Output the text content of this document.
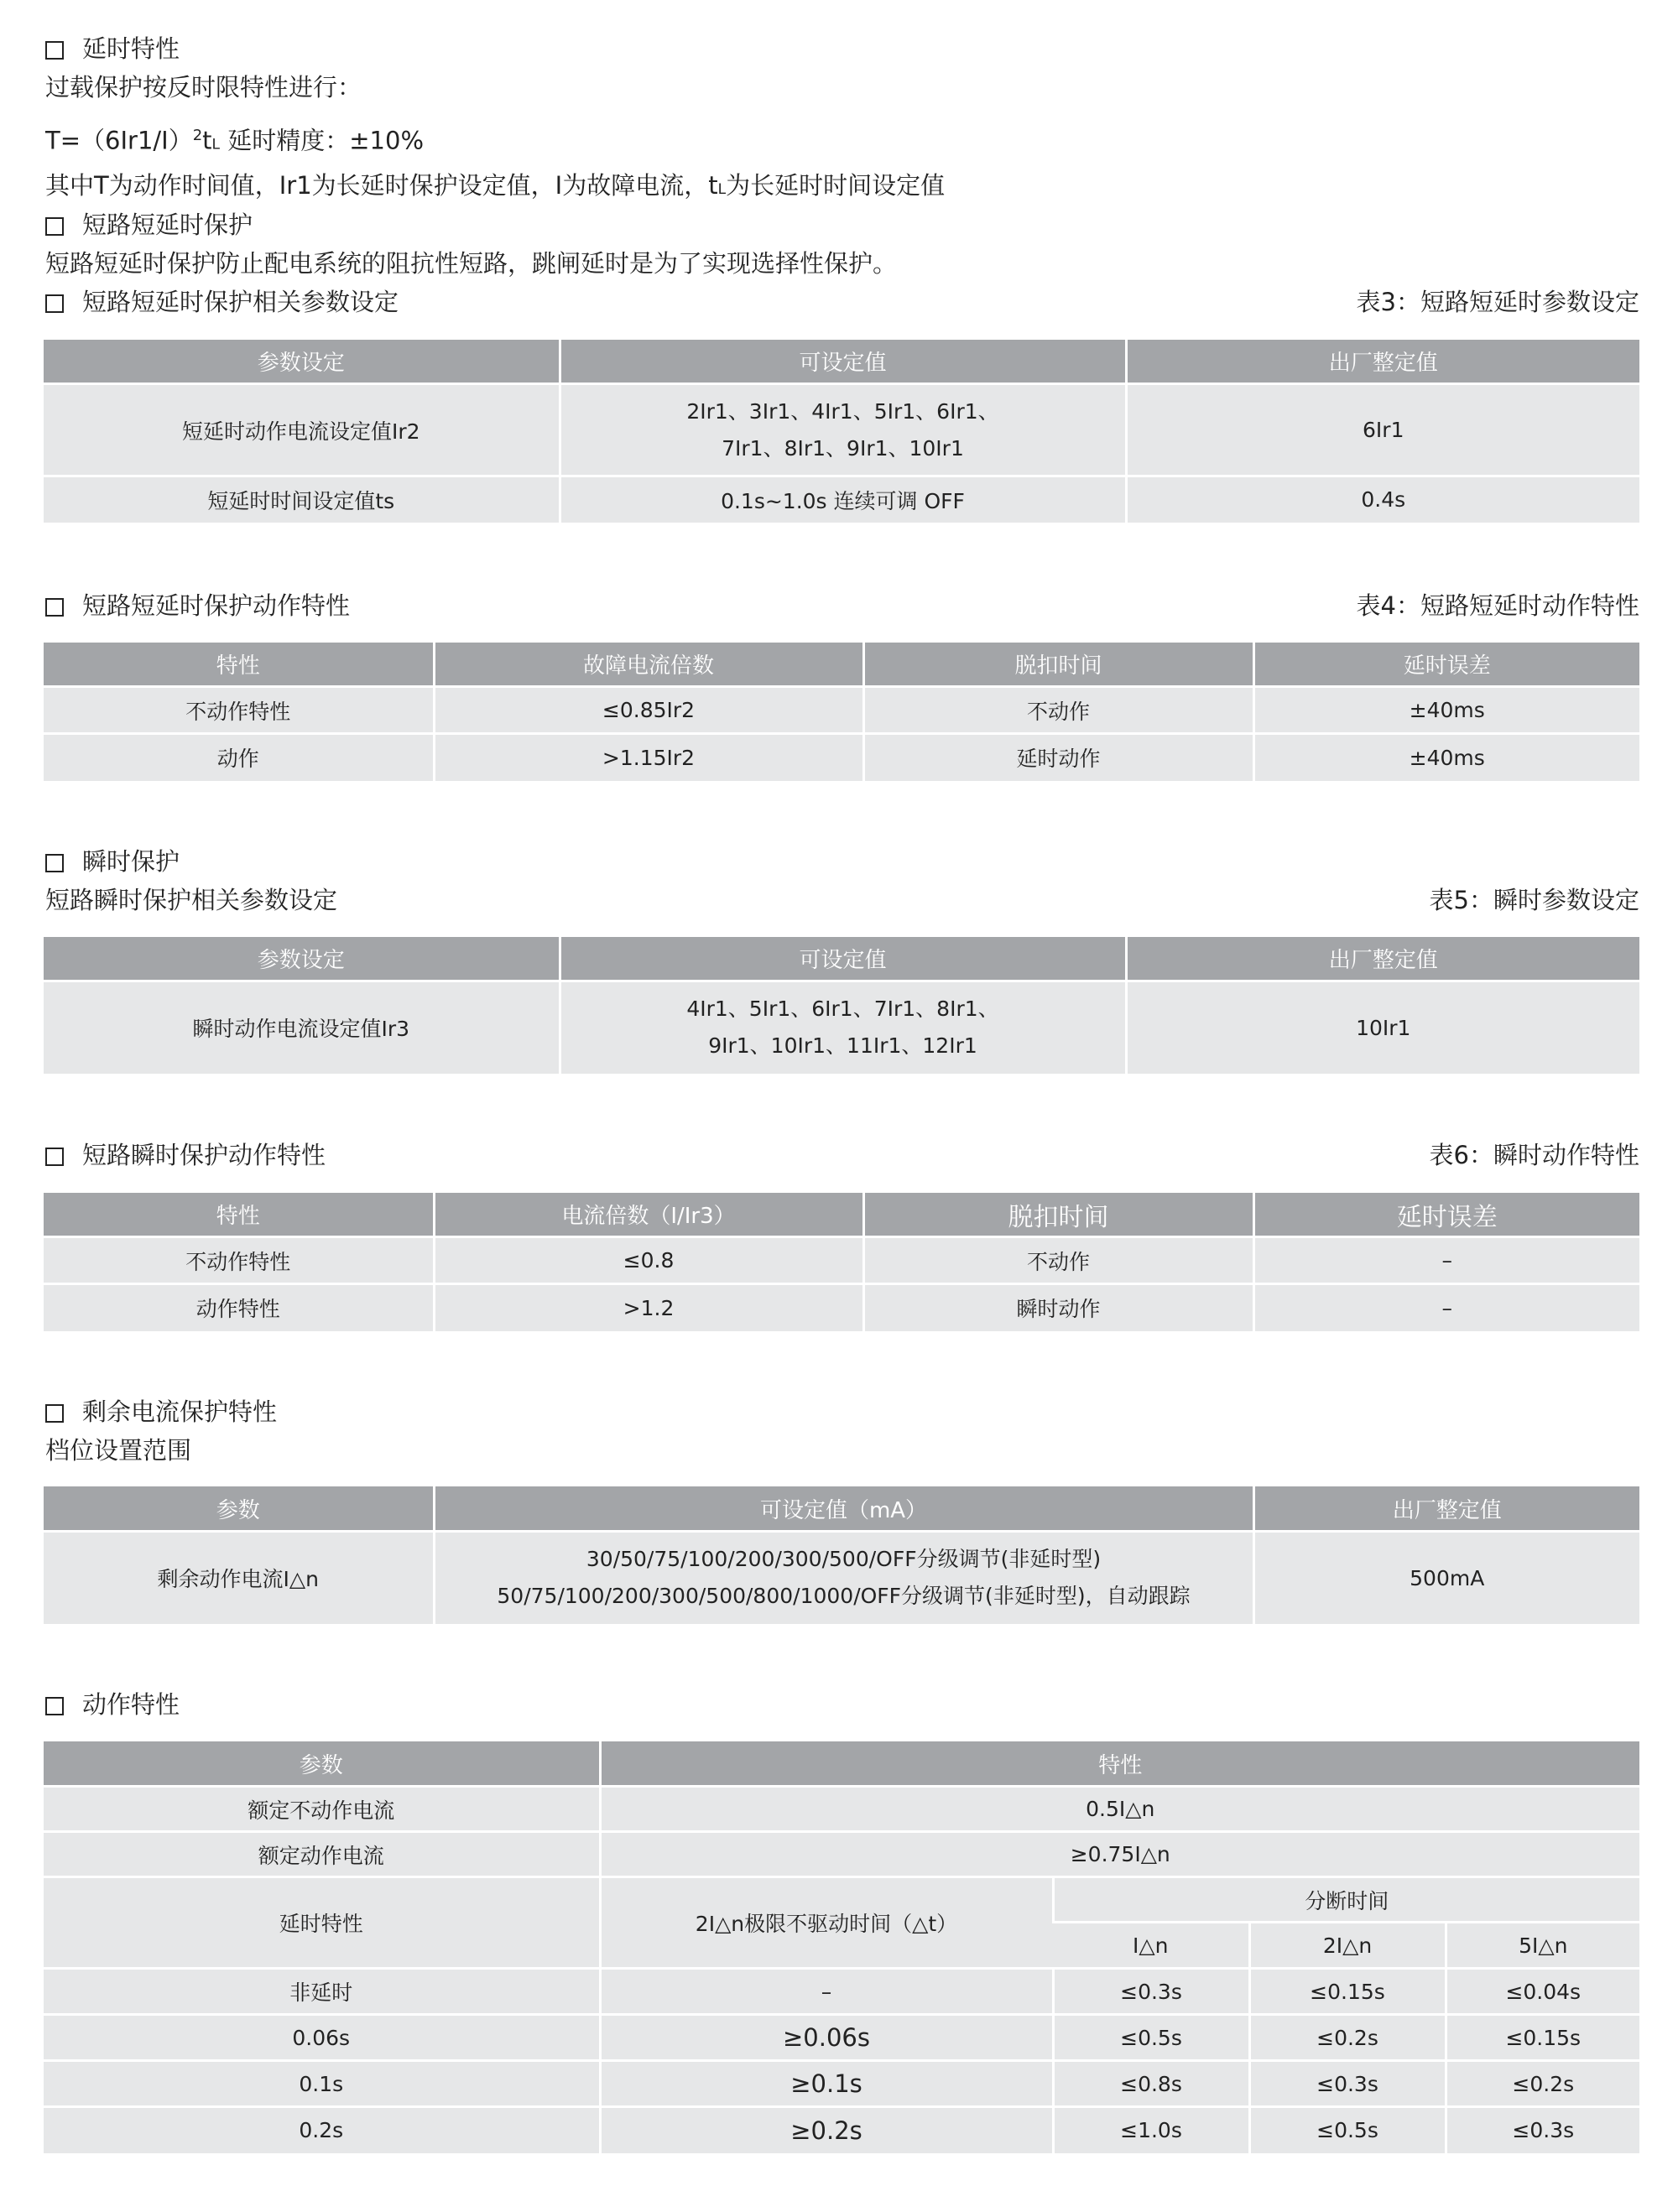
延时特性
过载保护按反时限特性进行：
$T=(6Ir1/I)^2tL$ 延时精度：±10%
其中T为动作时间值，Ir1为长延时保护设定值，I为故障电流，tL为长延时时间设定值
短路短延时保护
短路短延时保护防止配电系统的阻抗性短路，跳闸延时是为了实现选择性保护。
短路短延时保护相关参数设定	表3：短路短延时参数设定
参数设定	可设定值	出厂整定值
短延时动作电流设定值Ir2	2Ir1、3Ir1、4Ir1、5Ir1、6Ir1、
7Ir1、8Ir1、9Ir1、10Ir1	6Ir1
短延时时间设定值ts	0.1s~1.0s 连续可调 OFF	0.4s
短路短延时保护动作特性	表4：短路短延时动作特性
特性	故障电流倍数	脱扣时间	延时误差
不动作特性	≤0.85Ir2	不动作	±40ms
动作	>1.15Ir2	延时动作	±40ms
瞬时保护
短路瞬时保护相关参数设定	表5：瞬时参数设定
参数设定	可设定值	出厂整定值
瞬时动作电流设定值Ir3	4Ir1、5Ir1、6Ir1、7Ir1、8Ir1、
9Ir1、10Ir1、11Ir1、12Ir1	10Ir1
短路瞬时保护动作特性	表6：瞬时动作特性
特性	电流倍数（I/Ir3）	脱扣时间	延时误差
不动作特性	≤0.8	不动作	–
动作特性	>1.2	瞬时动作	–
剩余电流保护特性
档位设置范围
参数	可设定值（mA）	出厂整定值
剩余动作电流I△n	30/50/75/100/200/300/500/OFF分级调节(非延时型)
50/75/100/200/300/500/800/1000/OFF分级调节(非延时型)，自动跟踪	500mA
动作特性
参数	特性			
额定不动作电流	0.5I△n			
额定动作电流	≥0.75I△n			
延时特性	2I△n极限不驱动时间（△t）	分断时间		
		I△n	2I△n	5I△n
非延时	–	≤0.3s	≤0.15s	≤0.04s
0.06s	≥0.06s	≤0.5s	≤0.2s	≤0.15s
0.1s	≥0.1s	≤0.8s	≤0.3s	≤0.2s
0.2s	≥0.2s	≤1.0s	≤0.5s	≤0.3s
